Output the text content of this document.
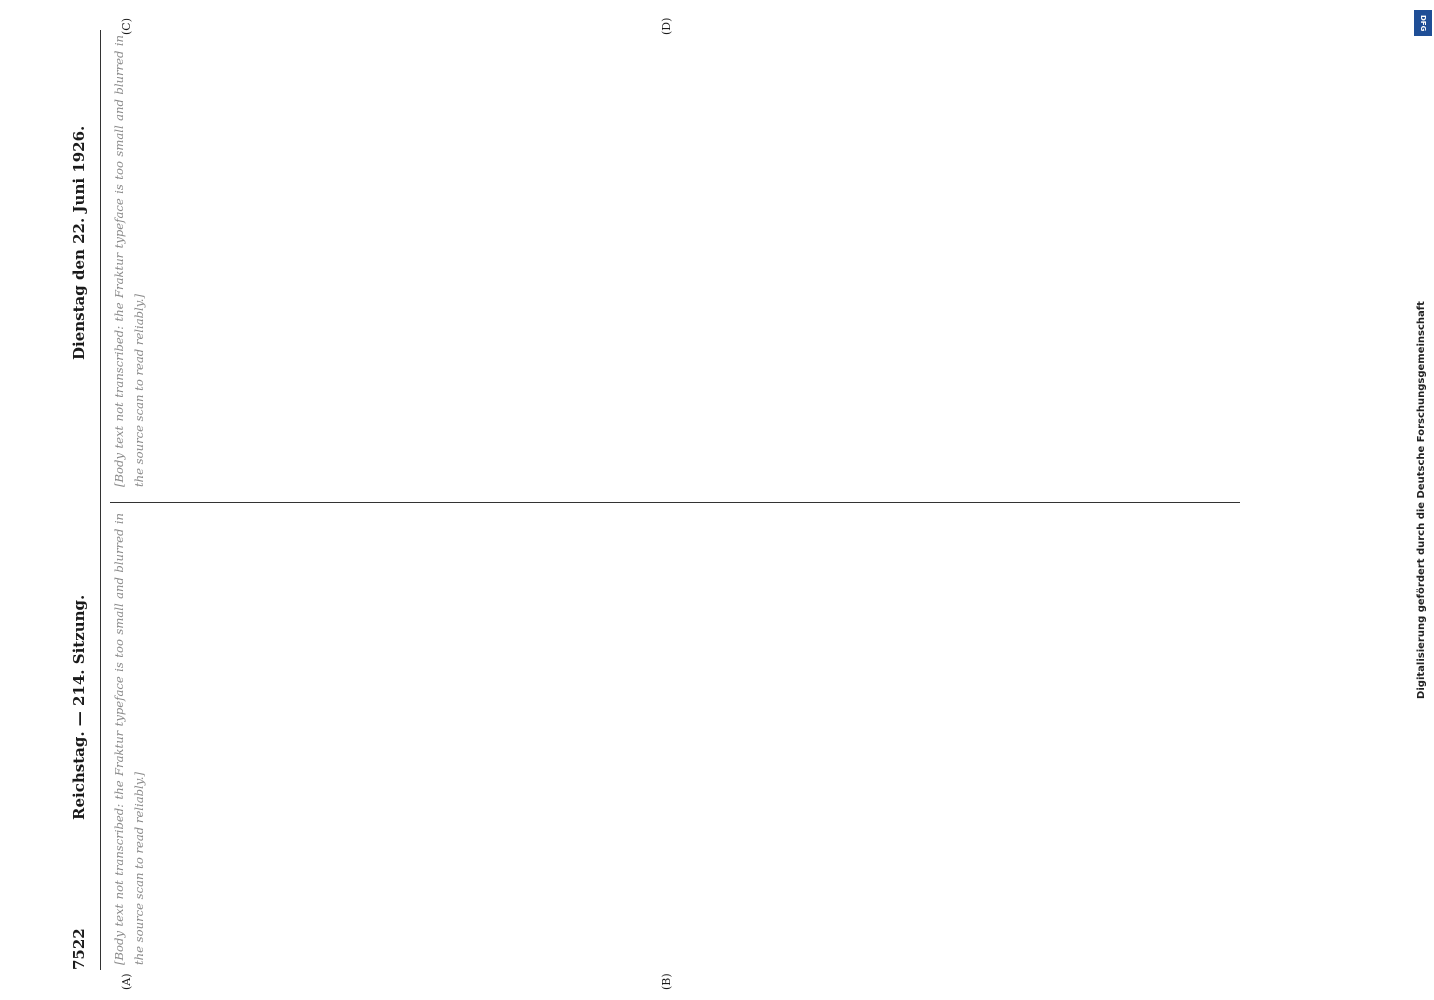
7522
Reichstag. — 214. Sitzung.
Dienstag den 22. Juni 1926.
(A)	(B)
(C)	(D)
[Body text not transcribed: the Fraktur typeface is too small and blurred in the source scan to read reliably.]
[Body text not transcribed: the Fraktur typeface is too small and blurred in the source scan to read reliably.]	Digitalisierung gefördert durch die Deutsche Forschungsgemeinschaft
DFG
